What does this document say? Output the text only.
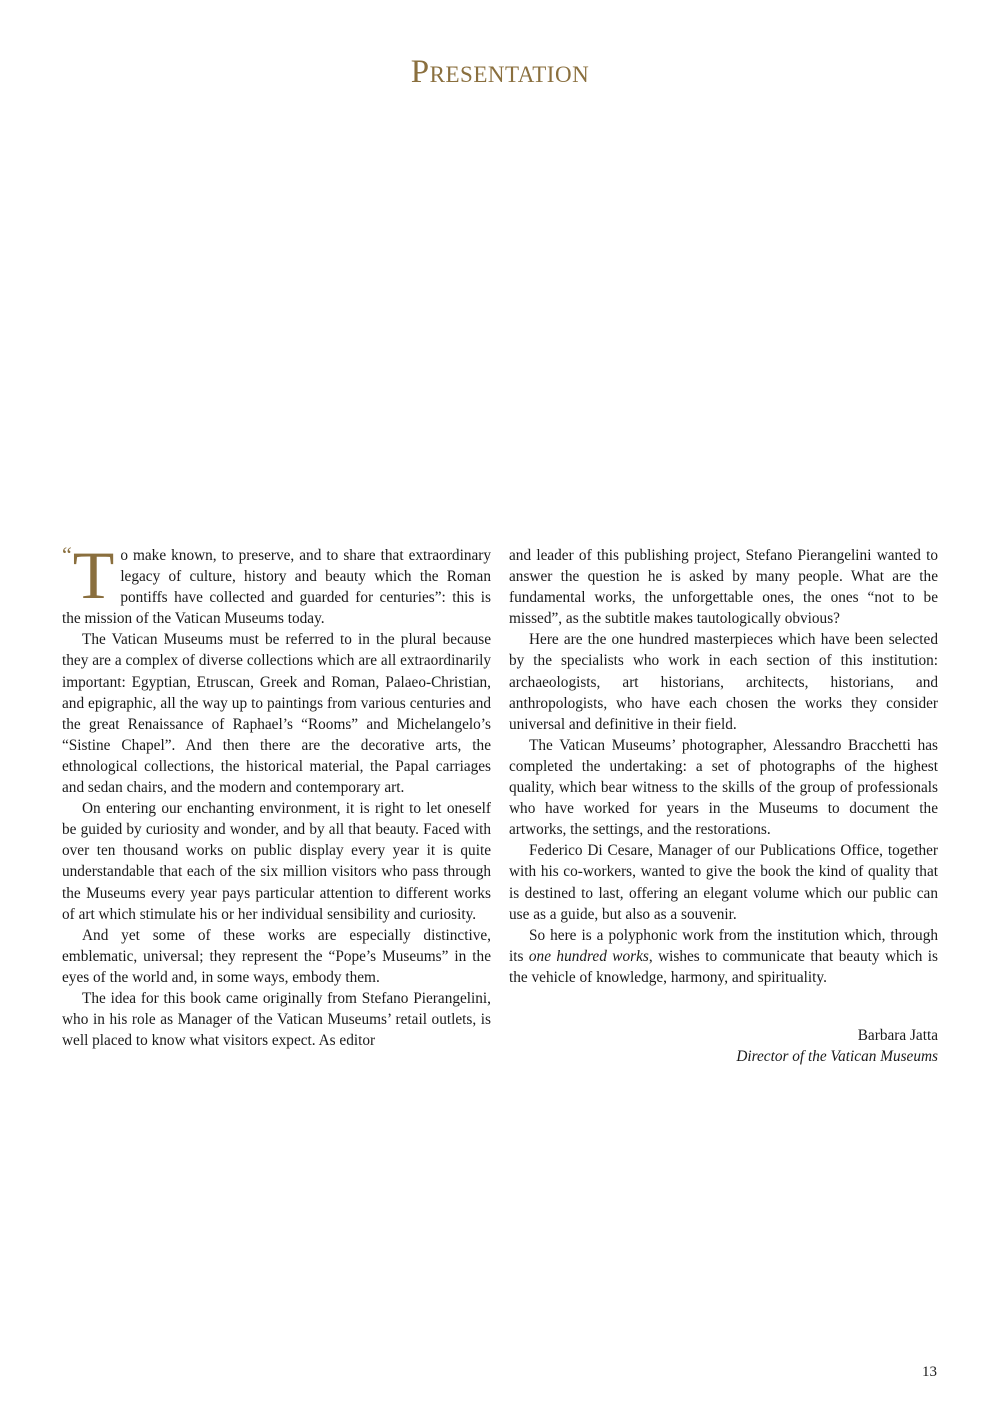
Presentation

“ T o make known, to preserve, and to share that extraordinary legacy of culture, history and beauty which the Roman pontiffs have collected and guarded for centuries”: this is the mission of the Vatican Museums today.

The Vatican Museums must be referred to in the plural because they are a complex of diverse collections which are all extraordinarily important: Egyptian, Etruscan, Greek and Roman, Palaeo-Christian, and epigraphic, all the way up to paintings from various centuries and the great Renaissance of Raphael’s “Rooms” and Michelangelo’s “Sistine Chapel”. And then there are the decorative arts, the ethnological collections, the historical material, the Papal carriages and sedan chairs, and the modern and contemporary art.

On entering our enchanting environment, it is right to let oneself be guided by curiosity and wonder, and by all that beauty. Faced with over ten thousand works on public display every year it is quite understandable that each of the six million visitors who pass through the Museums every year pays particular attention to different works of art which stimulate his or her individual sensibility and curiosity.

And yet some of these works are especially distinctive, emblematic, universal; they represent the “Pope’s Museums” in the eyes of the world and, in some ways, embody them.

The idea for this book came originally from Stefano Pierangelini, who in his role as Manager of the Vatican Museums’ retail outlets, is well placed to know what visitors expect. As editor

and leader of this publishing project, Stefano Pierangelini wanted to answer the question he is asked by many people. What are the fundamental works, the unforgettable ones, the ones “not to be missed”, as the subtitle makes tautologically obvious?

Here are the one hundred masterpieces which have been selected by the specialists who work in each section of this institution: archaeologists, art historians, architects, historians, and anthropologists, who have each chosen the works they consider universal and definitive in their field.

The Vatican Museums’ photographer, Alessandro Bracchetti has completed the undertaking: a set of photographs of the highest quality, which bear witness to the skills of the group of professionals who have worked for years in the Museums to document the artworks, the settings, and the restorations.

Federico Di Cesare, Manager of our Publications Office, together with his co-workers, wanted to give the book the kind of quality that is destined to last, offering an elegant volume which our public can use as a guide, but also as a souvenir.

So here is a polyphonic work from the institution which, through its one hundred works, wishes to communicate that beauty which is the vehicle of knowledge, harmony, and spirituality.

Barbara Jatta
Director of the Vatican Museums
13
